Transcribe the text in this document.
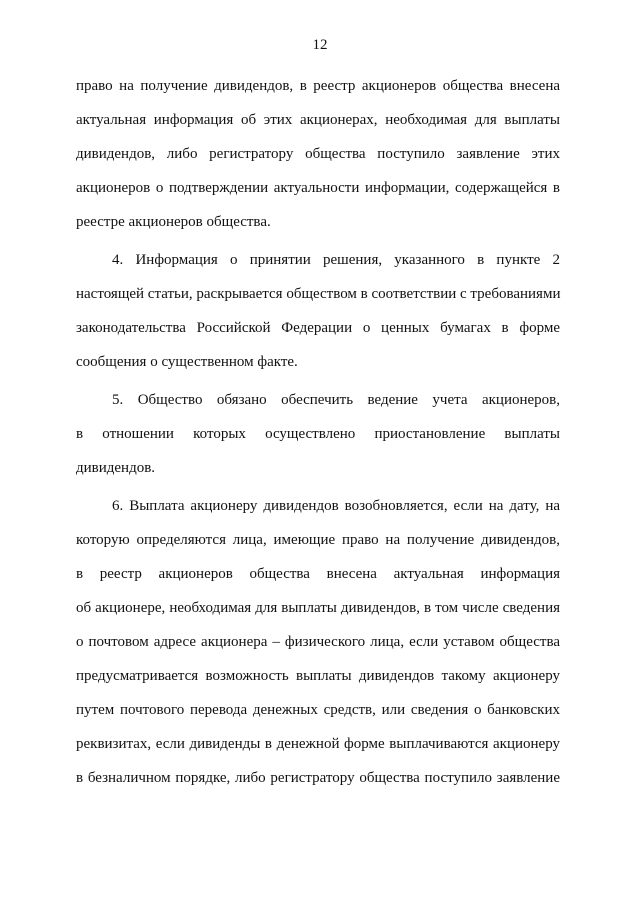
12
право на получение дивидендов, в реестр акционеров общества внесена
актуальная информация об этих акционерах, необходимая для выплаты
дивидендов, либо регистратору общества поступило заявление этих
акционеров о подтверждении актуальности информации, содержащейся в
реестре акционеров общества.
4. Информация о принятии решения, указанного в пункте 2
настоящей статьи, раскрывается обществом в соответствии с требованиями
законодательства Российской Федерации о ценных бумагах в форме
сообщения о существенном факте.
5. Общество обязано обеспечить ведение учета акционеров,
в отношении которых осуществлено приостановление выплаты
дивидендов.
6. Выплата акционеру дивидендов возобновляется, если на дату, на
которую определяются лица, имеющие право на получение дивидендов,
в реестр акционеров общества внесена актуальная информация
об акционере, необходимая для выплаты дивидендов, в том числе сведения
о почтовом адресе акционера – физического лица, если уставом общества
предусматривается возможность выплаты дивидендов такому акционеру
путем почтового перевода денежных средств, или сведения о банковских
реквизитах, если дивиденды в денежной форме выплачиваются акционеру
в безналичном порядке, либо регистратору общества поступило заявление
